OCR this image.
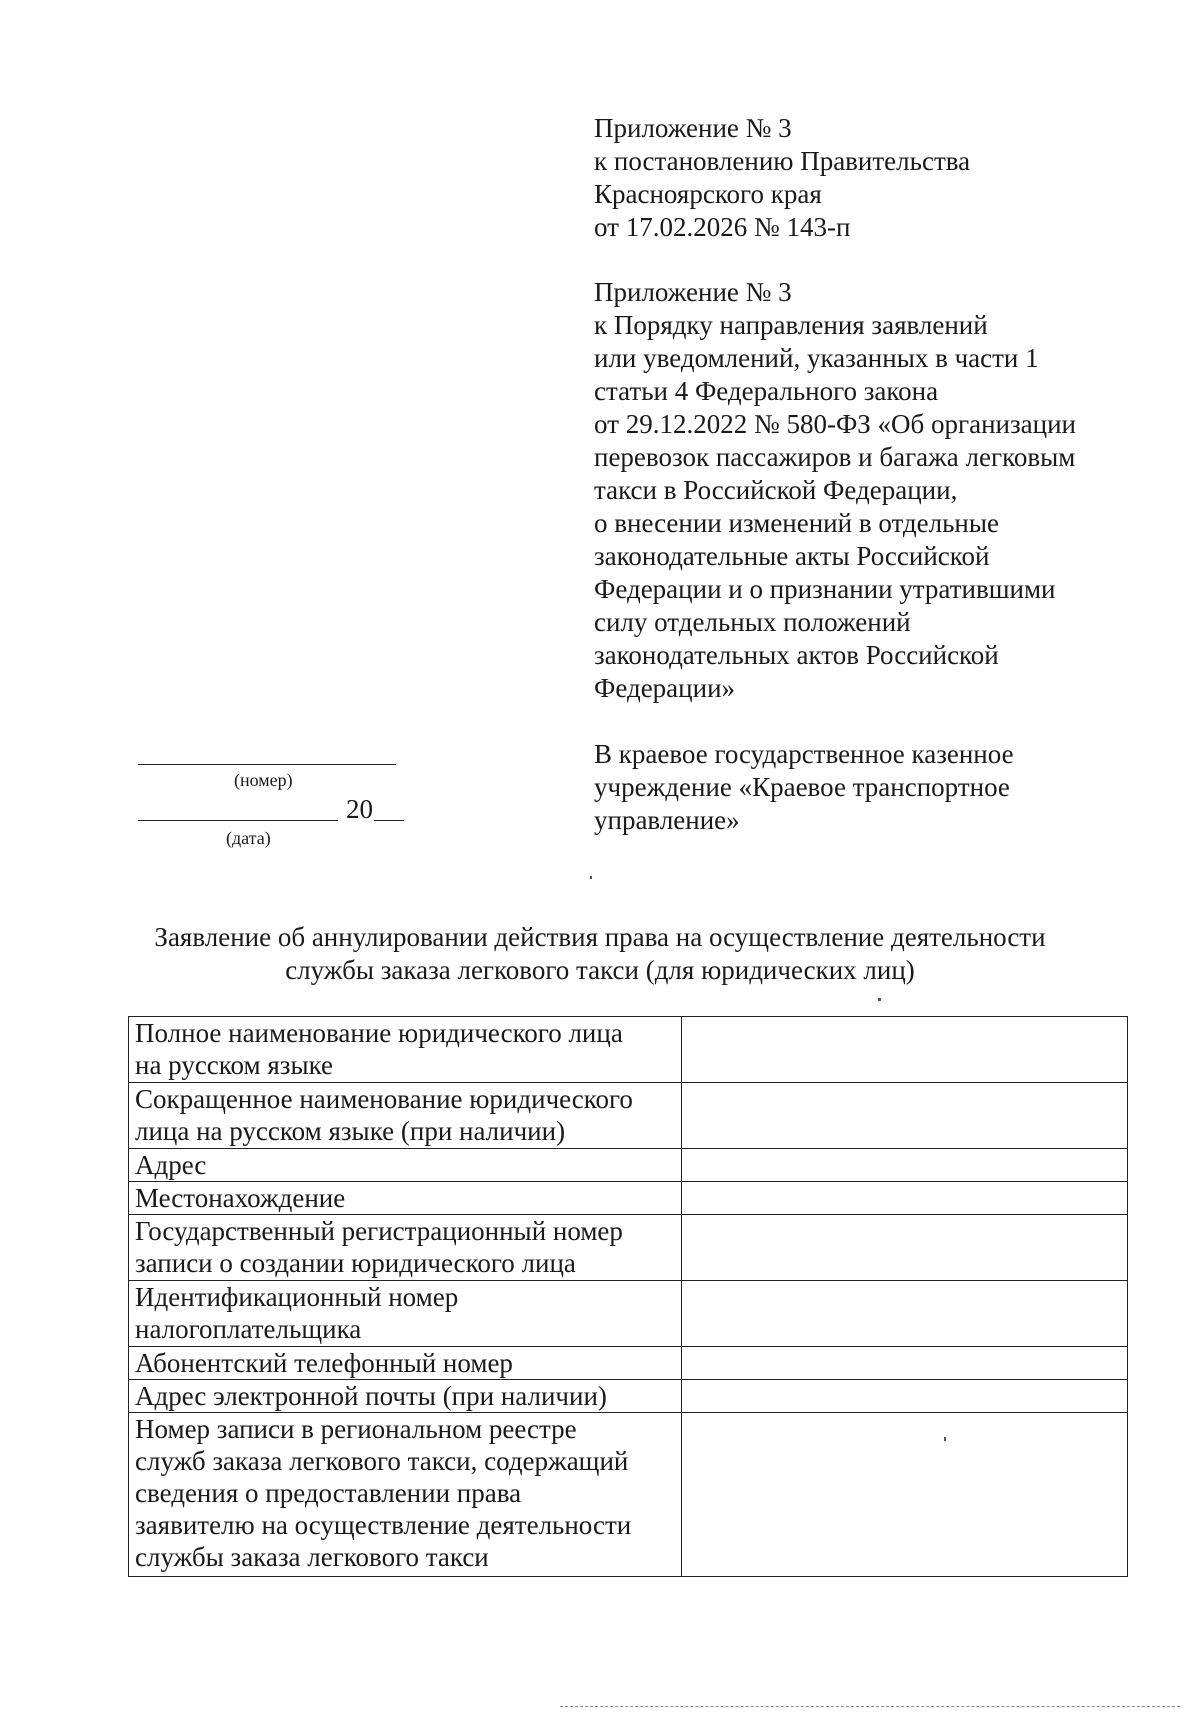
Приложение № 3
к постановлению Правительства
Красноярского края
от 17.02.2026 № 143-п
Приложение № 3
к Порядку направления заявлений
или уведомлений, указанных в части 1
статьи 4 Федерального закона
от 29.12.2022 № 580-ФЗ «Об организации
перевозок пассажиров и багажа легковым
такси в Российской Федерации,
о внесении изменений в отдельные
законодательные акты Российской
Федерации и о признании утратившими
силу отдельных положений
законодательных актов Российской
Федерации»
В краевое государственное казенное
учреждение «Краевое транспортное
управление»
(номер)
20
(дата)
Заявление об аннулировании действия права на осуществление деятельности
службы заказа легкового такси (для юридических лиц)
Полное наименование юридического лица
на русском языке	

Сокращенное наименование юридического
лица на русском языке (при наличии)	

Адрес	

Местонахождение	

Государственный регистрационный номер
записи о создании юридического лица	

Идентификационный номер
налогоплательщика	

Абонентский телефонный номер	

Адрес электронной почты (при наличии)	

Номер записи в региональном реестре
служб заказа легкового такси, содержащий
сведения о предоставлении права
заявителю на осуществление деятельности
службы заказа легкового такси	
